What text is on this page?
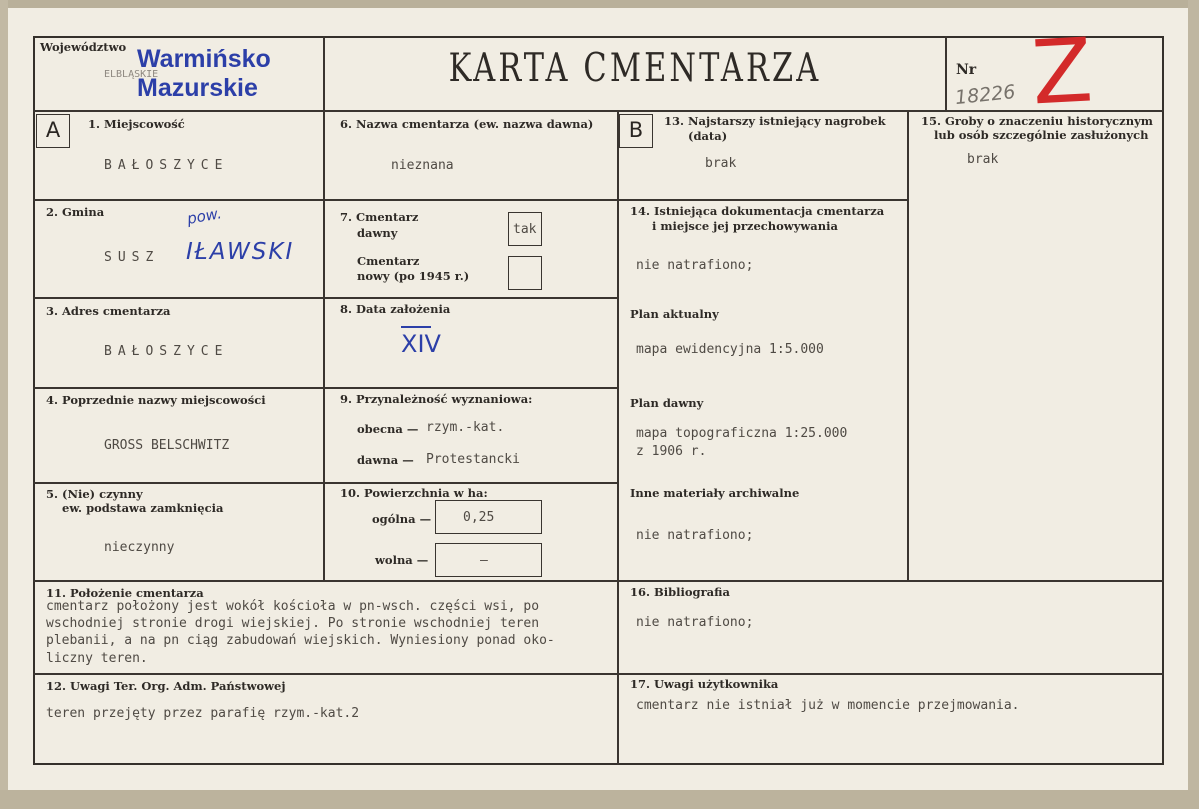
Województwo
ELBLĄSKIE
Warmińsko
Mazurskie	KARTA CMENTARZA	Nr
18226 Z
A	B
1. Miejscowość
BAŁOSZYCE
2. Gmina
SUSZ
pow.
IŁAWSKI
3. Adres cmentarza
BAŁOSZYCE
4. Poprzednie nazwy miejscowości
GROSS BELSCHWITZ
5. (Nie) czynny
ew. podstawa zamknięcia
nieczynny
6. Nazwa cmentarza (ew. nazwa dawna)
nieznana
7. Cmentarz
dawny	tak
Cmentarz
nowy (po 1945 r.)
8. Data założenia
XIV
9. Przynależność wyznaniowa:
obecna — rzym.-kat.
dawna — Protestancki
10. Powierzchnia w ha:
ogólna — 0,25
wolna —	—
11. Położenie cmentarza
cmentarz położony jest wokół kościoła w pn-wsch. części wsi, po
wschodniej stronie drogi wiejskiej. Po stronie wschodniej teren
plebanii, a na pn ciąg zabudowań wiejskich. Wyniesiony ponad oko-
liczny teren.
12. Uwagi Ter. Org. Adm. Państwowej
teren przejęty przez parafię rzym.-kat.2
13. Najstarszy istniejący nagrobek
(data)
brak
14. Istniejąca dokumentacja cmentarza
i miejsce jej przechowywania
nie natrafiono;
Plan aktualny
mapa ewidencyjna 1:5.000
Plan dawny
mapa topograficzna 1:25.000
z 1906 r.
Inne materiały archiwalne
nie natrafiono;
15. Groby o znaczeniu historycznym
lub osób szczególnie zasłużonych
brak
16. Bibliografia
nie natrafiono;
17. Uwagi użytkownika
cmentarz nie istniał już w momencie przejmowania.
